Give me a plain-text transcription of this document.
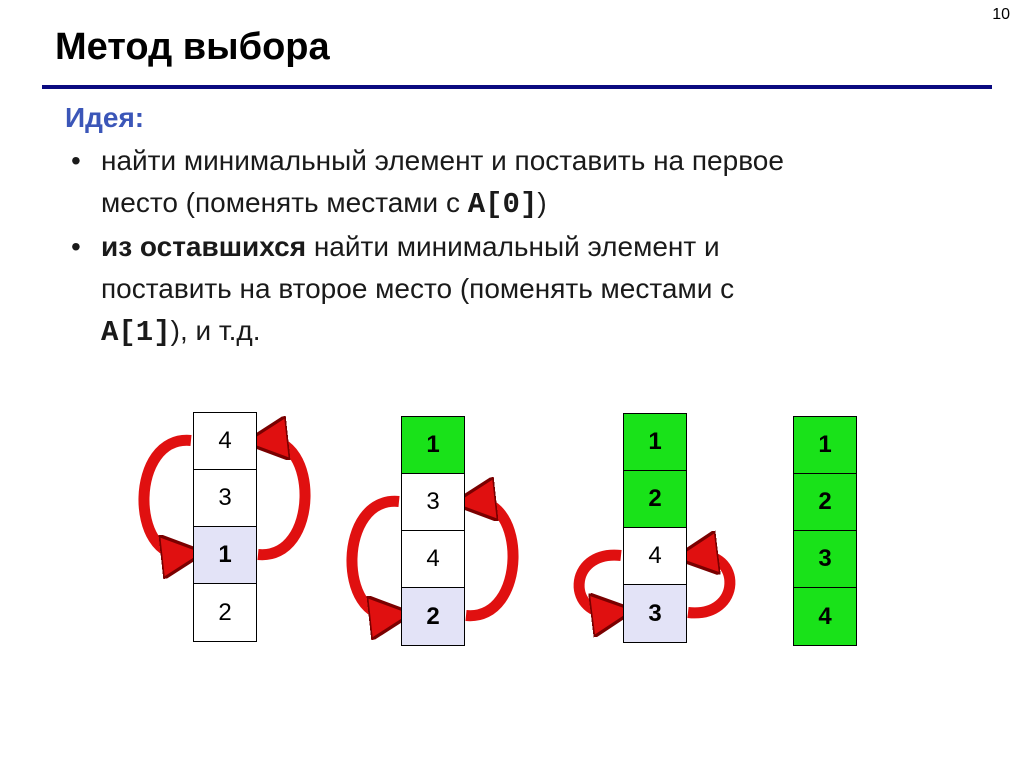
10
Метод выбора
Идея:
• найти минимальный элемент и поставить на первое
место (поменять местами с A[0])
• из оставшихся найти минимальный элемент и
поставить на второе место (поменять местами с
A[1]), и т.д.
4
3
1
2
1
3
4
2
1
2
4
3
1
2
3
4
